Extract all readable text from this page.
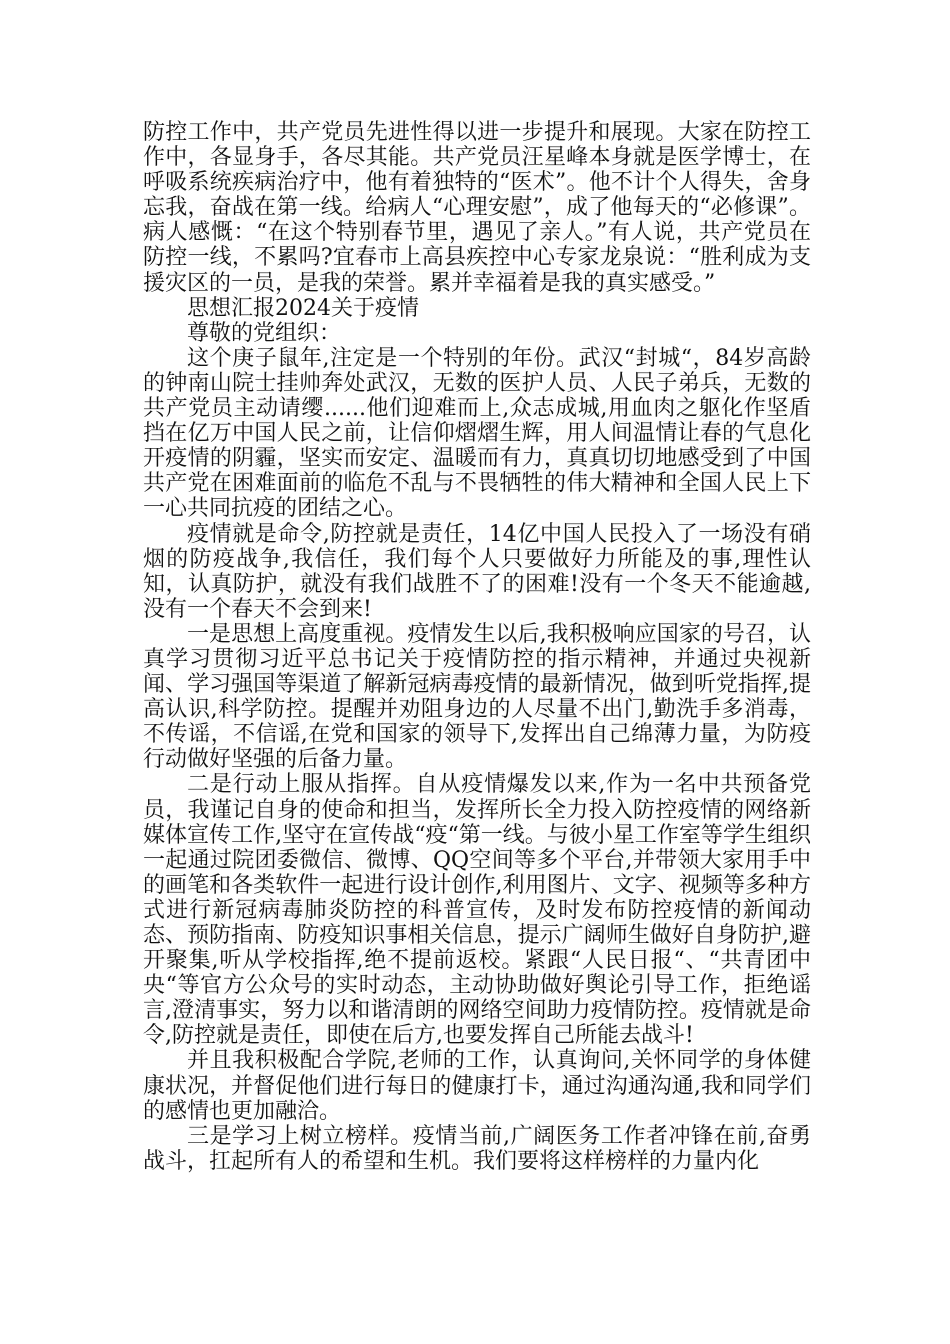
防控工作中，共产党员先进性得以进一步提升和展现。大家在防控工作中，各显身手，各尽其能。共产党员汪星峰本身就是医学博士，在呼吸系统疾病治疗中，他有着独特的“医术”。他不计个人得失，舍身忘我，奋战在第一线。给病人“心理安慰”，成了他每天的“必修课”。病人感慨：“在这个特别春节里，遇见了亲人。”有人说，共产党员在防控一线，不累吗?宜春市上高县疾控中心专家龙泉说：“胜利成为支援灾区的一员，是我的荣誉。累并幸福着是我的真实感受。”

思想汇报2024关于疫情

尊敬的党组织：

这个庚子鼠年,注定是一个特别的年份。武汉“封城“，84岁高龄的钟南山院士挂帅奔处武汉，无数的医护人员、人民子弟兵，无数的共产党员主动请缨......他们迎难而上,众志成城,用血肉之躯化作坚盾挡在亿万中国人民之前，让信仰熠熠生辉，用人间温情让春的气息化开疫情的阴霾，坚实而安定、温暖而有力，真真切切地感受到了中国共产党在困难面前的临危不乱与不畏牺牲的伟大精神和全国人民上下一心共同抗疫的团结之心。

疫情就是命令,防控就是责任，14亿中国人民投入了一场没有硝烟的防疫战争,我信任，我们每个人只要做好力所能及的事,理性认知，认真防护，就没有我们战胜不了的困难!没有一个冬天不能逾越,没有一个春天不会到来!

一是思想上高度重视。疫情发生以后,我积极响应国家的号召，认真学习贯彻习近平总书记关于疫情防控的指示精神，并通过央视新闻、学习强国等渠道了解新冠病毒疫情的最新情况，做到听党指挥,提高认识,科学防控。提醒并劝阻身边的人尽量不出门,勤洗手多消毒，不传谣，不信谣,在党和国家的领导下,发挥出自己绵薄力量，为防疫行动做好坚强的后备力量。

二是行动上服从指挥。自从疫情爆发以来,作为一名中共预备党员，我谨记自身的使命和担当，发挥所长全力投入防控疫情的网络新媒体宣传工作,坚守在宣传战“疫“第一线。与彼小星工作室等学生组织一起通过院团委微信、微博、QQ空间等多个平台,并带领大家用手中的画笔和各类软件一起进行设计创作,利用图片、文字、视频等多种方式进行新冠病毒肺炎防控的科普宣传，及时发布防控疫情的新闻动态、预防指南、防疫知识事相关信息，提示广阔师生做好自身防护,避开聚集,听从学校指挥,绝不提前返校。紧跟“人民日报“、“共青团中央“等官方公众号的实时动态，主动协助做好舆论引导工作，拒绝谣言,澄清事实，努力以和谐清朗的网络空间助力疫情防控。疫情就是命令,防控就是责任，即使在后方,也要发挥自己所能去战斗!

并且我积极配合学院,老师的工作，认真询问,关怀同学的身体健康状况，并督促他们进行每日的健康打卡，通过沟通沟通,我和同学们的感情也更加融洽。

三是学习上树立榜样。疫情当前,广阔医务工作者冲锋在前,奋勇战斗，扛起所有人的希望和生机。我们要将这样榜样的力量内化
